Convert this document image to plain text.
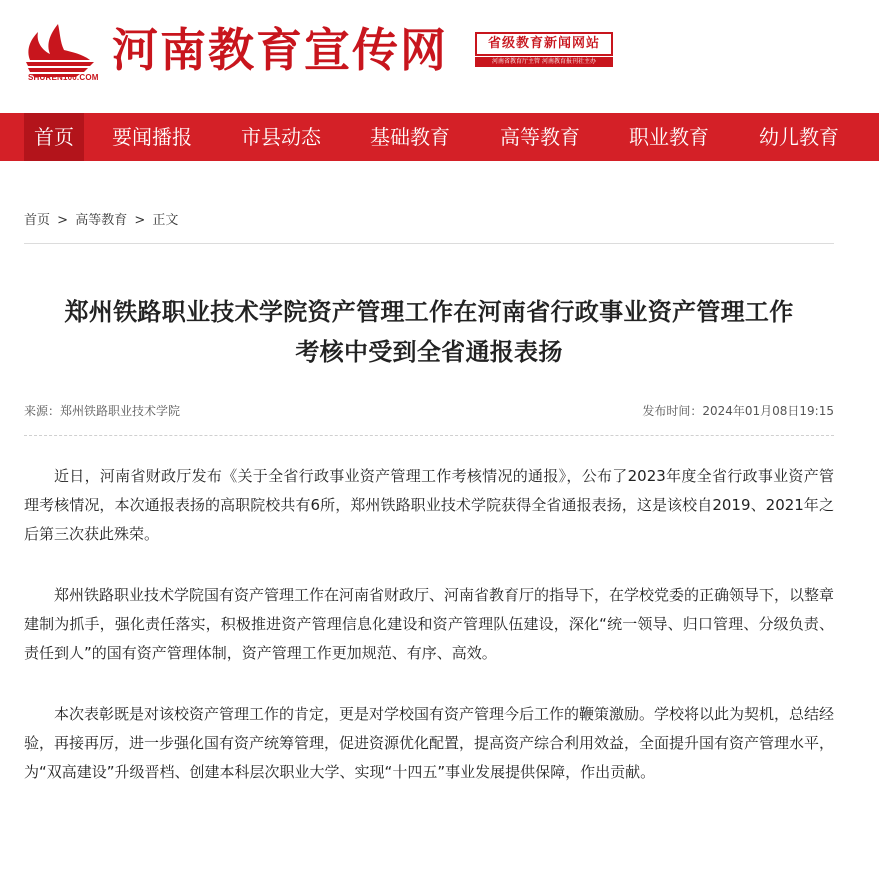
SHUREN100.COM
河南教育宣传网	省级教育新闻网站
河南省教育厅主管 河南教育报刊社主办
首页	要闻播报 市县动态 基础教育	高等教育 职业教育	幼儿教育
首页 > 高等教育 > 正文
郑州铁路职业技术学院资产管理工作在河南省行政事业资产管理工作
考核中受到全省通报表扬
来源：郑州铁路职业技术学院	发布时间：2024年01月08日19:15

近日，河南省财政厅发布《关于全省行政事业资产管理工作考核情况的通报》，公布了2023年度全省行政事业资产管理考核情况，本次通报表扬的高职院校共有6所，郑州铁路职业技术学院获得全省通报表扬，这是该校自2019、2021年之后第三次获此殊荣。

郑州铁路职业技术学院国有资产管理工作在河南省财政厅、河南省教育厅的指导下，在学校党委的正确领导下，以整章建制为抓手，强化责任落实，积极推进资产管理信息化建设和资产管理队伍建设，深化“统一领导、归口管理、分级负责、责任到人”的国有资产管理体制，资产管理工作更加规范、有序、高效。

本次表彰既是对该校资产管理工作的肯定，更是对学校国有资产管理今后工作的鞭策激励。学校将以此为契机，总结经验，再接再厉，进一步强化国有资产统筹管理，促进资源优化配置，提高资产综合利用效益，全面提升国有资产管理水平，为“双高建设”升级晋档、创建本科层次职业大学、实现“十四五”事业发展提供保障，作出贡献。
